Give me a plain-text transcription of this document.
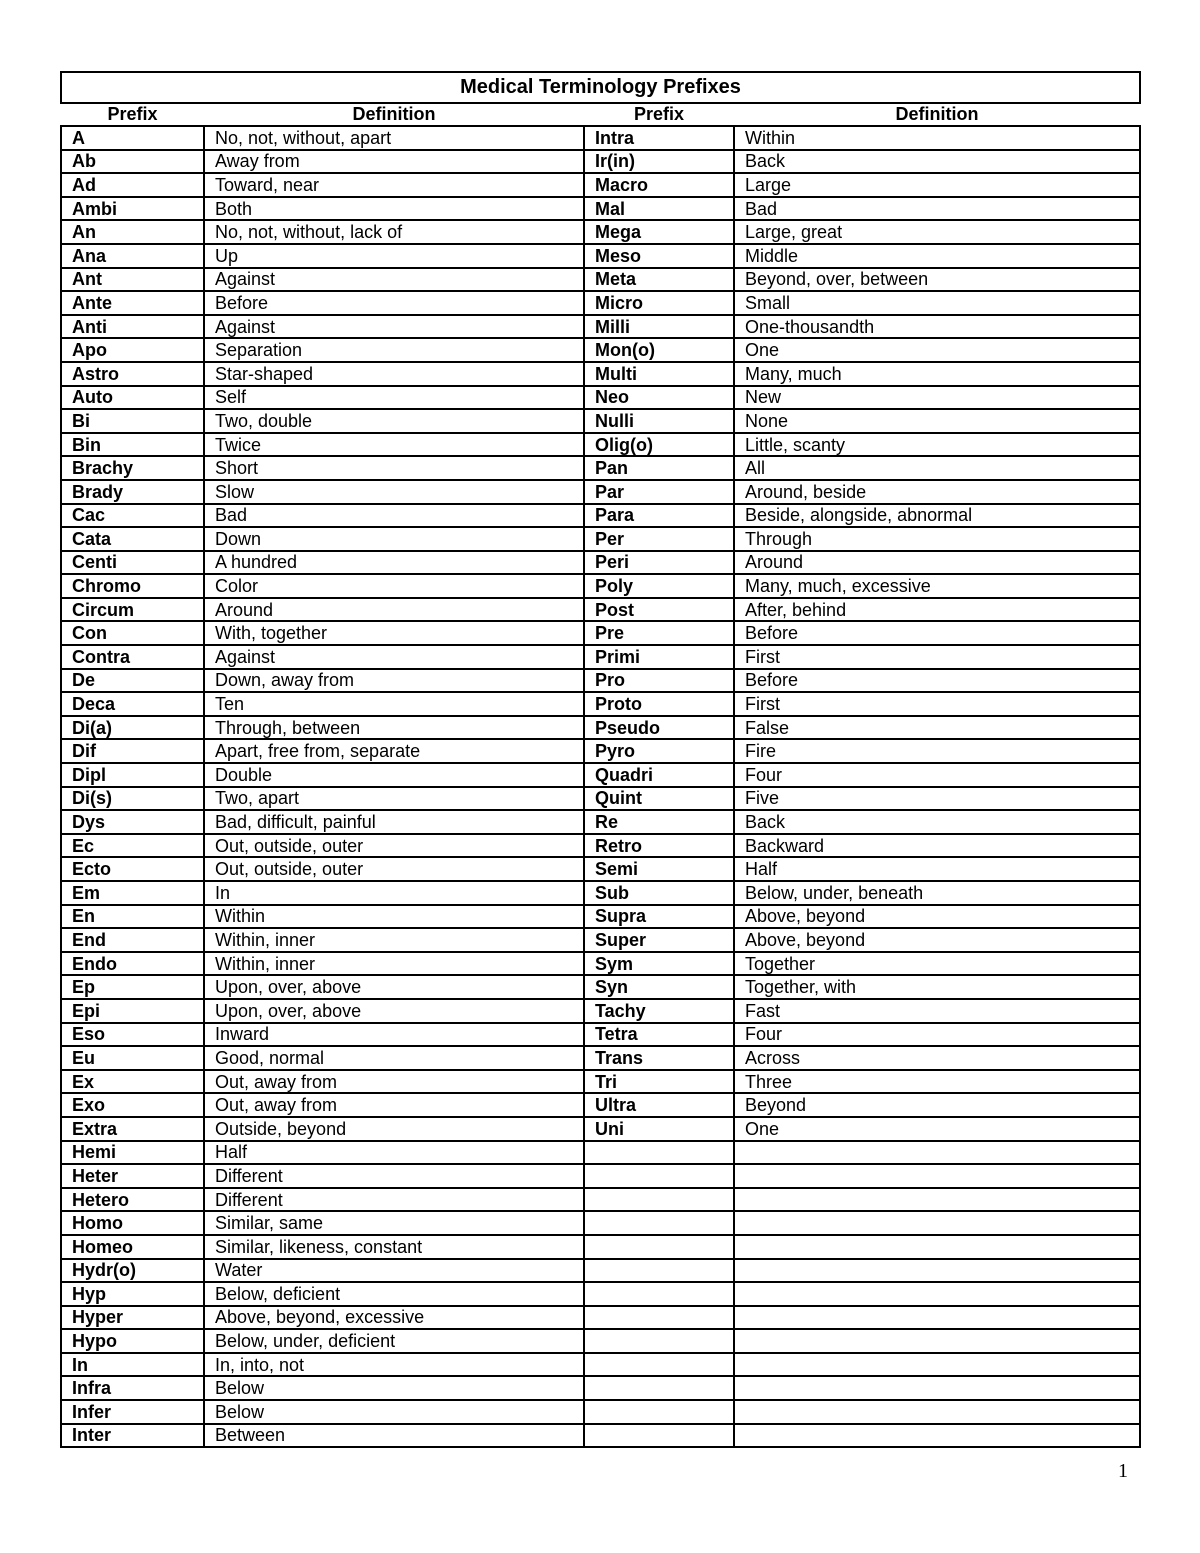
Medical Terminology Prefixes
Prefix	Definition	Prefix	Definition
A	No, not, without, apart	Intra	Within
Ab	Away from	Ir(in)	Back
Ad	Toward, near	Macro	Large
Ambi	Both	Mal	Bad
An	No, not, without, lack of	Mega	Large, great
Ana	Up	Meso	Middle
Ant	Against	Meta	Beyond, over, between
Ante	Before	Micro	Small
Anti	Against	Milli	One-thousandth
Apo	Separation	Mon(o)	One
Astro	Star-shaped	Multi	Many, much
Auto	Self	Neo	New
Bi	Two, double	Nulli	None
Bin	Twice	Olig(o)	Little, scanty
Brachy	Short	Pan	All
Brady	Slow	Par	Around, beside
Cac	Bad	Para	Beside, alongside, abnormal
Cata	Down	Per	Through
Centi	A hundred	Peri	Around
Chromo	Color	Poly	Many, much, excessive
Circum	Around	Post	After, behind
Con	With, together	Pre	Before
Contra	Against	Primi	First
De	Down, away from	Pro	Before
Deca	Ten	Proto	First
Di(a)	Through, between	Pseudo	False
Dif	Apart, free from, separate	Pyro	Fire
Dipl	Double	Quadri	Four
Di(s)	Two, apart	Quint	Five
Dys	Bad, difficult, painful	Re	Back
Ec	Out, outside, outer	Retro	Backward
Ecto	Out, outside, outer	Semi	Half
Em	In	Sub	Below, under, beneath
En	Within	Supra	Above, beyond
End	Within, inner	Super	Above, beyond
Endo	Within, inner	Sym	Together
Ep	Upon, over, above	Syn	Together, with
Epi	Upon, over, above	Tachy	Fast
Eso	Inward	Tetra	Four
Eu	Good, normal	Trans	Across
Ex	Out, away from	Tri	Three
Exo	Out, away from	Ultra	Beyond
Extra	Outside, beyond	Uni	One
Hemi	Half		
Heter	Different		
Hetero	Different		
Homo	Similar, same		
Homeo	Similar, likeness, constant		
Hydr(o)	Water		
Hyp	Below, deficient		
Hyper	Above, beyond, excessive		
Hypo	Below, under, deficient		
In	In, into, not		
Infra	Below		
Infer	Below		
Inter	Between		
1
